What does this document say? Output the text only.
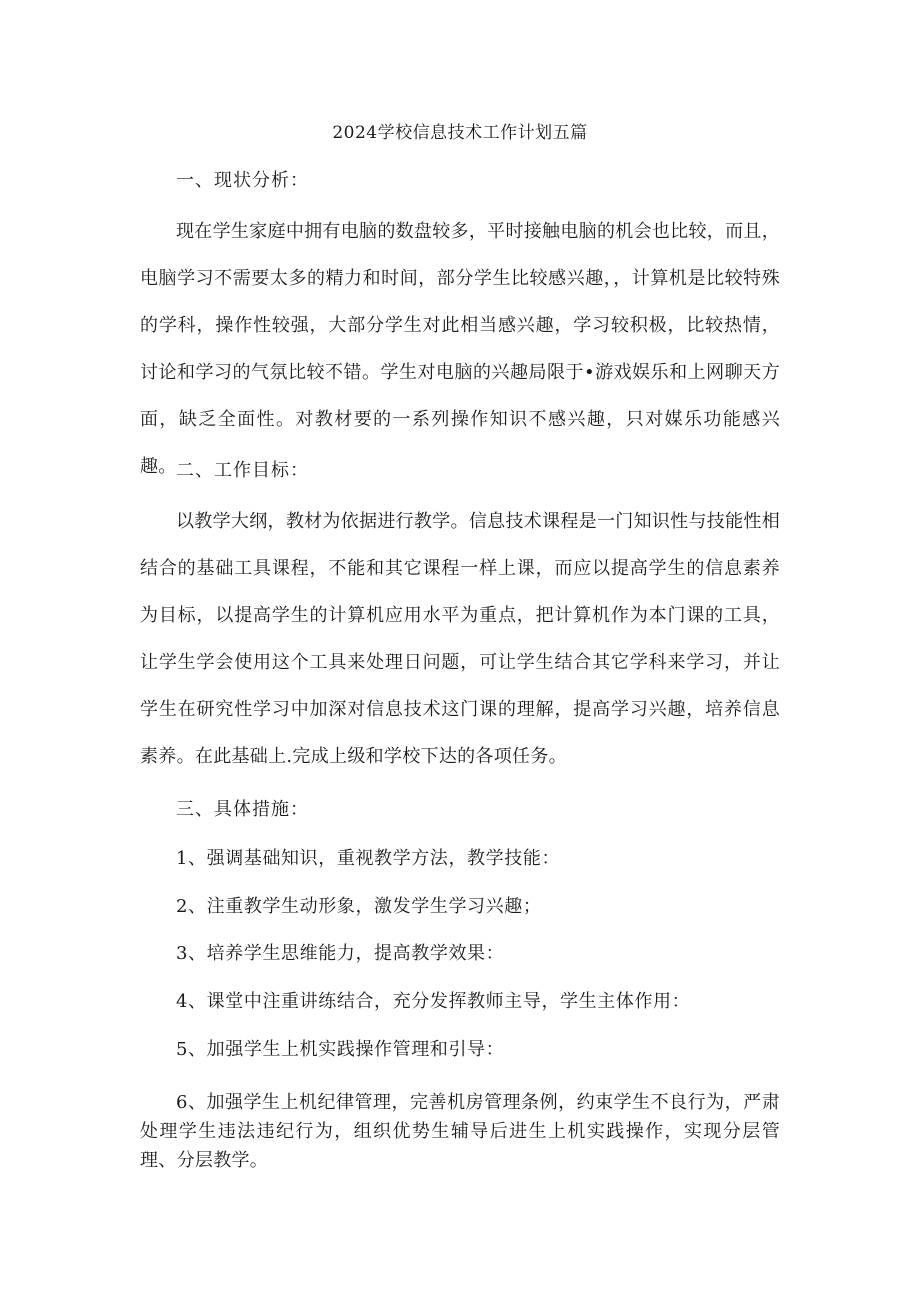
2024学校信息技术工作计划五篇
一、现状分析：

现在学生家庭中拥有电脑的数盘较多，平时接触电脑的机会也比较，而且，电脑学习不需要太多的精力和时间，部分学生比较感兴趣，，计算机是比较特殊的学科，操作性较强，大部分学生对此相当感兴趣，学习较积极，比较热情，讨论和学习的气氛比较不错。学生对电脑的兴趣局限于•游戏娱乐和上网聊天方面，缺乏全面性。对教材要的一系列操作知识不感兴趣，只对媒乐功能感兴趣。 二、工作目标：

以教学大纲，教材为依据进行教学。信息技术课程是一门知识性与技能性相结合的基础工具课程，不能和其它课程一样上课，而应以提高学生的信息素养为目标，以提高学生的计算机应用水平为重点，把计算机作为本门课的工具，让学生学会使用这个工具来处理日问题，可让学生结合其它学科来学习，并让学生在研究性学习中加深对信息技术这门课的理解，提高学习兴趣，培养信息素养。在此基础上.完成上级和学校下达的各项任务。

三、具体措施：
1、强调基础知识，重视教学方法，教学技能：
2、注重教学生动形象，激发学生学习兴趣；
3、培养学生思维能力，提高教学效果：
4、课堂中注重讲练结合，充分发挥教师主导，学生主体作用：
5、加强学生上机实践操作管理和引导：

6、加强学生上机纪律管理，完善机房管理条例，约束学生不良行为，严肃处理学生违法违纪行为，组织优势生辅导后进生上机实践操作，实现分层管理、分层教学。
